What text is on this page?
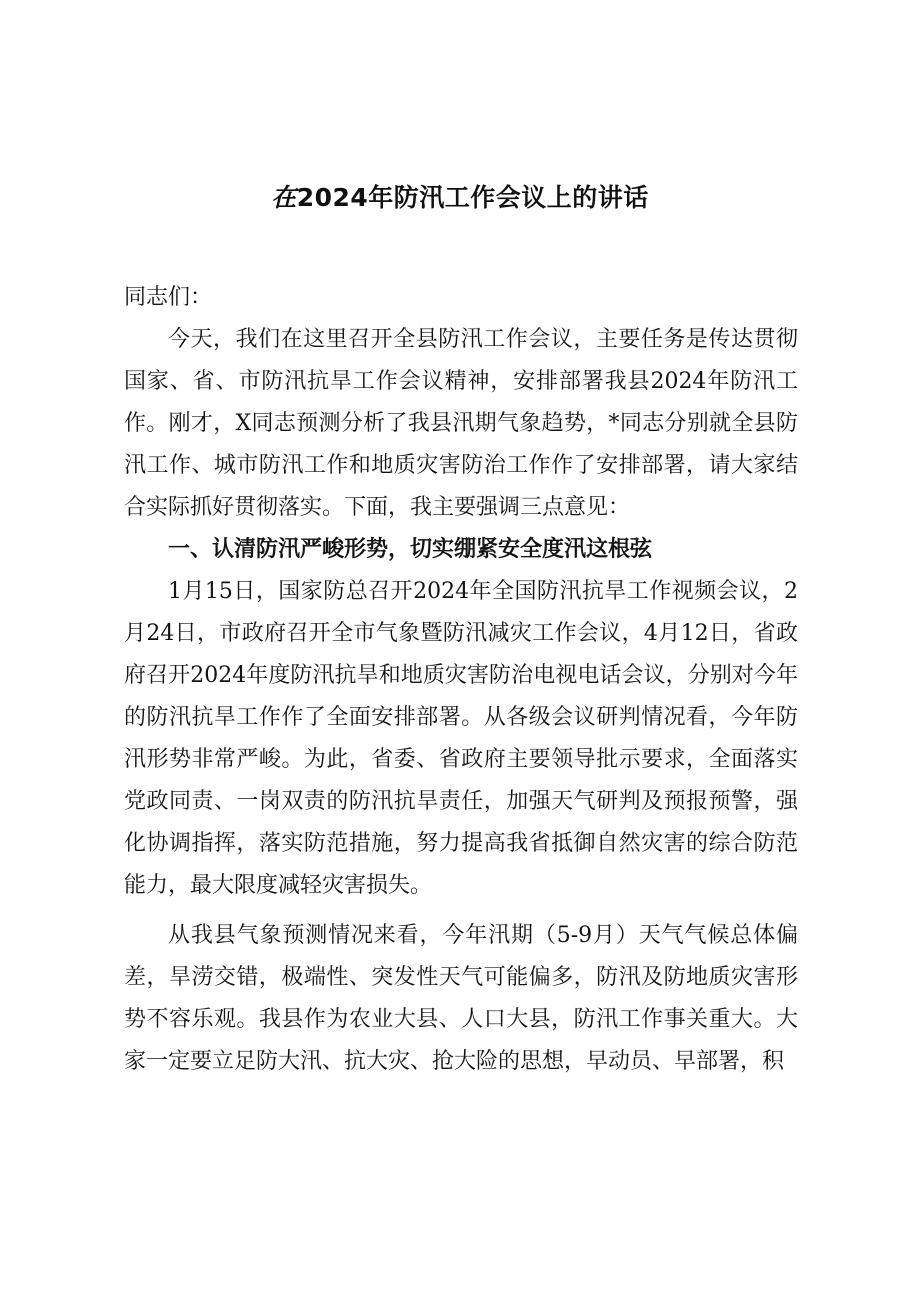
在2024年防汛工作会议上的讲话

同志们：

今天，我们在这里召开全县防汛工作会议，主要任务是传达贯彻国家、省、市防汛抗旱工作会议精神，安排部署我县2024年防汛工作。刚才，X同志预测分析了我县汛期气象趋势，*同志分别就全县防汛工作、城市防汛工作和地质灾害防治工作作了安排部署，请大家结合实际抓好贯彻落实。下面，我主要强调三点意见：

一、认清防汛严峻形势，切实绷紧安全度汛这根弦

1月15日，国家防总召开2024年全国防汛抗旱工作视频会议，2月24日，市政府召开全市气象暨防汛减灾工作会议，4月12日，省政府召开2024年度防汛抗旱和地质灾害防治电视电话会议，分别对今年的防汛抗旱工作作了全面安排部署。从各级会议研判情况看，今年防汛形势非常严峻。为此，省委、省政府主要领导批示要求，全面落实党政同责、一岗双责的防汛抗旱责任，加强天气研判及预报预警，强化协调指挥，落实防范措施，努力提高我省抵御自然灾害的综合防范能力，最大限度减轻灾害损失。

从我县气象预测情况来看，今年汛期（5-9月）天气气候总体偏差，旱涝交错，极端性、突发性天气可能偏多，防汛及防地质灾害形势不容乐观。我县作为农业大县、人口大县，防汛工作事关重大。大家一定要立足防大汛、抗大灾、抢大险的思想，早动员、早部署，积
